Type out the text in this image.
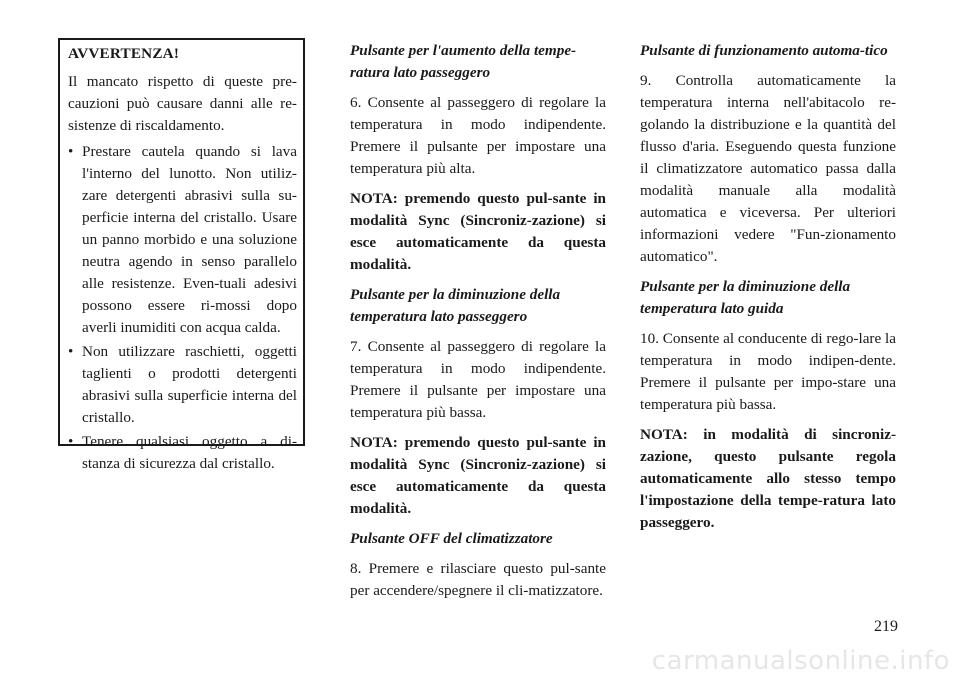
AVVERTENZA!

Il mancato rispetto di queste pre-cauzioni può causare danni alle re-sistenze di riscaldamento.

• Prestare cautela quando si lava l'interno del lunotto. Non utiliz-zare detergenti abrasivi sulla su-perficie interna del cristallo. Usare un panno morbido e una soluzione neutra agendo in senso parallelo alle resistenze. Even-tuali adesivi possono essere ri-mossi dopo averli inumiditi con acqua calda.
• Non utilizzare raschietti, oggetti taglienti o prodotti detergenti abrasivi sulla superficie interna del cristallo.
• Tenere qualsiasi oggetto a di-stanza di sicurezza dal cristallo.

Pulsante per l'aumento della tempe-ratura lato passeggero

6. Consente al passeggero di regolare la temperatura in modo indipendente. Premere il pulsante per impostare una temperatura più alta.

NOTA: premendo questo pul-sante in modalità Sync (Sincroniz-zazione) si esce automaticamente da questa modalità.

Pulsante per la diminuzione della temperatura lato passeggero

7. Consente al passeggero di regolare la temperatura in modo indipendente. Premere il pulsante per impostare una temperatura più bassa.

NOTA: premendo questo pul-sante in modalità Sync (Sincroniz-zazione) si esce automaticamente da questa modalità.

Pulsante OFF del climatizzatore

8. Premere e rilasciare questo pul-sante per accendere/spegnere il cli-matizzatore.

Pulsante di funzionamento automa-tico

9. Controlla automaticamente la temperatura interna nell'abitacolo re-golando la distribuzione e la quantità del flusso d'aria. Eseguendo questa funzione il climatizzatore automatico passa dalla modalità manuale alla modalità automatica e viceversa. Per ulteriori informazioni vedere "Fun-zionamento automatico".

Pulsante per la diminuzione della temperatura lato guida

10. Consente al conducente di rego-lare la temperatura in modo indipen-dente. Premere il pulsante per impo-stare una temperatura più bassa.

NOTA: in modalità di sincroniz-zazione, questo pulsante regola automaticamente allo stesso tempo l'impostazione della tempe-ratura lato passeggero.

219
carmanualsonline.info
